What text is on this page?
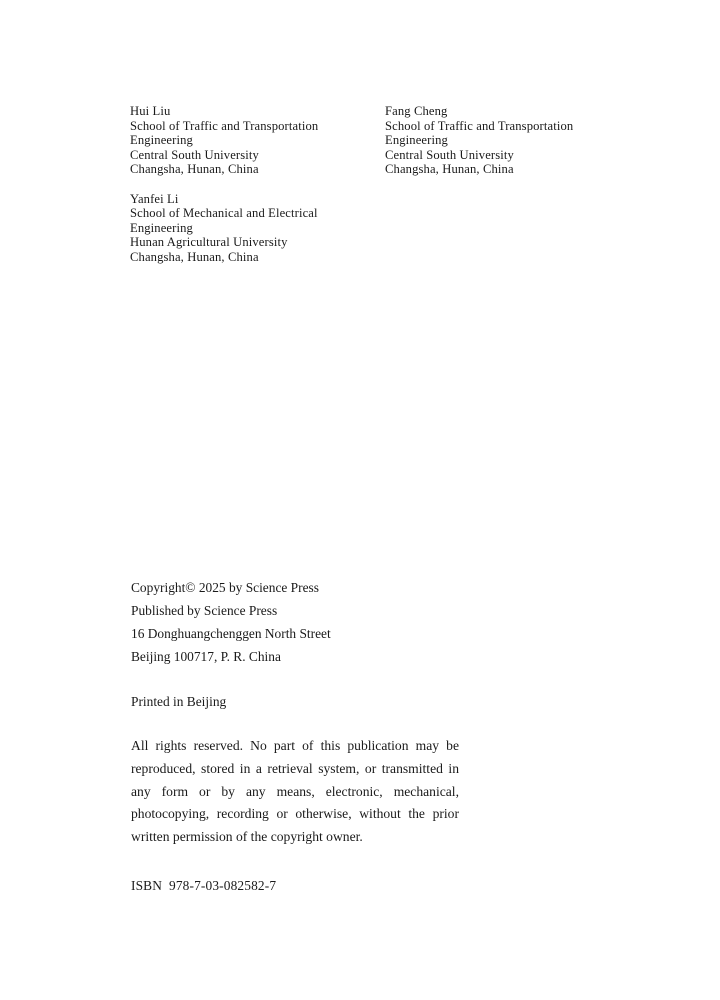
Hui Liu
School of Traffic and Transportation
Engineering
Central South University
Changsha, Hunan, China
Yanfei Li
School of Mechanical and Electrical
Engineering
Hunan Agricultural University
Changsha, Hunan, China
Fang Cheng
School of Traffic and Transportation
Engineering
Central South University
Changsha, Hunan, China
Copyright© 2025 by Science Press
Published by Science Press
16 Donghuangchenggen North Street
Beijing 100717, P. R. China
Printed in Beijing
All rights reserved. No part of this publication may be reproduced, stored in a retrieval system, or transmitted in any form or by any means, electronic, mechanical, photocopying, recording or otherwise, without the prior written permission of the copyright owner.
ISBN  978-7-03-082582-7
